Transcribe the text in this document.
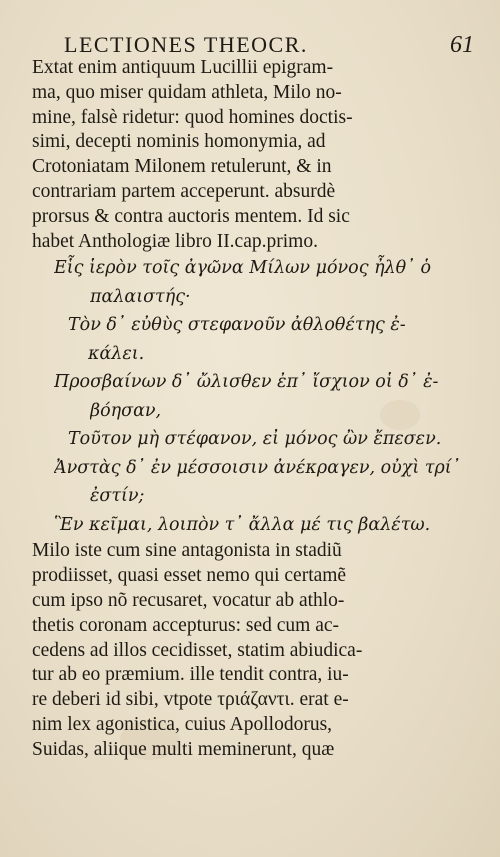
LECTIONES THEOCR.	61
Extat enim antiquum Lucillii epigram-
ma, quo miser quidam athleta, Milo no-
mine, falsè ridetur: quod homines doctis-
simi, decepti nominis homonymia, ad
Crotoniatam Milonem retulerunt, & in
contrariam partem acceperunt. absurdè
prorsus & contra auctoris mentem. Id sic
habet Anthologiæ libro II.cap.primo.
Εἷς ἱερὸν τοῖς ἀγῶνα Μίλων μόνος ἦλθ᾽ ὁ
παλαιστής·
Τὸν δ᾽ εὐθὺς στεφανοῦν ἀθλοθέτης ἐ-
κάλει.
Προσβαίνων δ᾽ ὤλισθεν ἐπ᾽ ἴσχιον οἱ δ᾽ ἐ-
βόησαν,
Τοῦτον μὴ στέφανον, εἰ μόνος ὢν ἔπεσεν.
Ἀνστὰς δ᾽ ἐν μέσσοισιν ἀνέκραγεν, οὐχὶ τρί᾽
ἐστίν;
Ἓν κεῖμαι, λοιπὸν τ᾽ ἄλλα μέ τις βαλέτω.
Milo iste cum sine antagonista in stadiũ
prodiisset, quasi esset nemo qui certamẽ
cum ipso nõ recusaret, vocatur ab athlo-
thetis coronam accepturus: sed cum ac-
cedens ad illos cecidisset, statim abiudica-
tur ab eo præmium. ille tendit contra, iu-
re deberi id sibi, vtpote τριάζαντι. erat e-
nim lex agonistica, cuius Apollodorus,
Suidas, aliique multi meminerunt, quæ
